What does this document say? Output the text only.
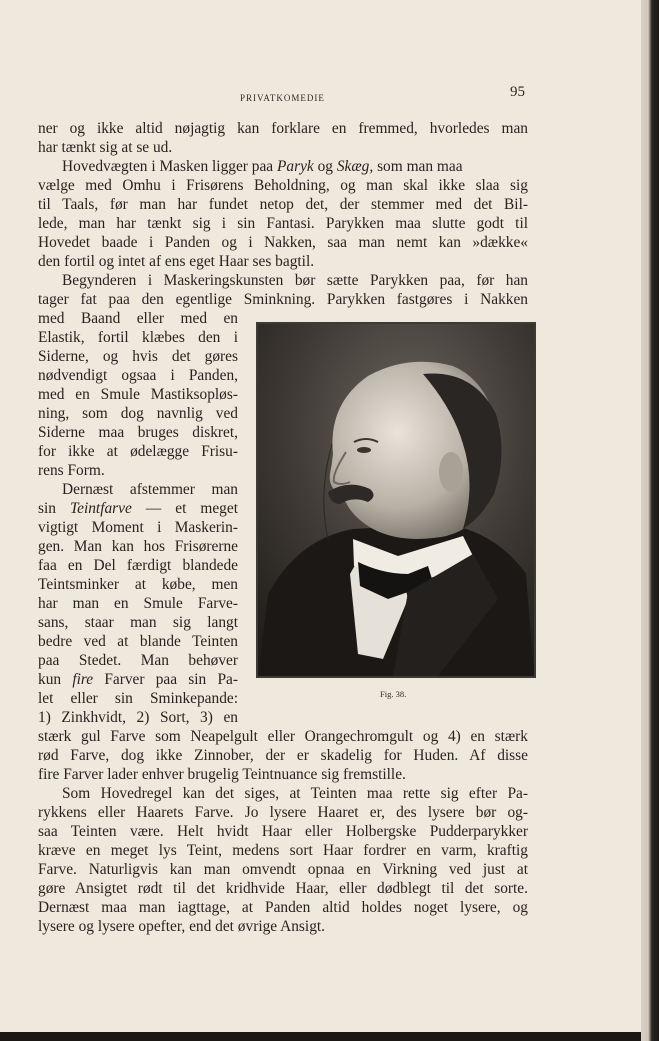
PRIVATKOMEDIE	95
ner og ikke altid nøjagtig kan forklare en fremmed, hvorledes man
har tænkt sig at se ud.
Hovedvægten i Masken ligger paa Paryk og Skæg, som man maa
vælge med Omhu i Frisørens Beholdning, og man skal ikke slaa sig
til Taals, før man har fundet netop det, der stemmer med det Bil-
lede, man har tænkt sig i sin Fantasi. Parykken maa slutte godt til
Hovedet baade i Panden og i Nakken, saa man nemt kan »dække«
den fortil og intet af ens eget Haar ses bagtil.
Begynderen i Maskeringskunsten bør sætte Parykken paa, før han
tager fat paa den egentlige Sminkning. Parykken fastgøres i Nakken
med Baand eller med en
Elastik, fortil klæbes den i
Siderne, og hvis det gøres
nødvendigt ogsaa i Panden,
med en Smule Mastiksopløs-
ning, som dog navnlig ved
Siderne maa bruges diskret,
for ikke at ødelægge Frisu-
rens Form.
Dernæst afstemmer man
sin Teintfarve — et meget
vigtigt Moment i Maskerin-
gen. Man kan hos Frisørerne
faa en Del færdigt blandede
Teintsminker at købe, men
har man en Smule Farve-
sans, staar man sig langt
bedre ved at blande Teinten
paa Stedet. Man behøver
kun fire Farver paa sin Pa-
let eller sin Sminkepande:
1) Zinkhvidt, 2) Sort, 3) en
stærk gul Farve som Neapelgult eller Orangechromgult og 4) en stærk
rød Farve, dog ikke Zinnober, der er skadelig for Huden. Af disse
fire Farver lader enhver brugelig Teintnuance sig fremstille.
Som Hovedregel kan det siges, at Teinten maa rette sig efter Pa-
rykkens eller Haarets Farve. Jo lysere Haaret er, des lysere bør og-
saa Teinten være. Helt hvidt Haar eller Holbergske Pudderparykker
kræve en meget lys Teint, medens sort Haar fordrer en varm, kraftig
Farve. Naturligvis kan man omvendt opnaa en Virkning ved just at
gøre Ansigtet rødt til det kridhvide Haar, eller dødblegt til det sorte.
Dernæst maa man iagttage, at Panden altid holdes noget lysere, og
lysere og lysere opefter, end det øvrige Ansigt.
Fig. 38.
